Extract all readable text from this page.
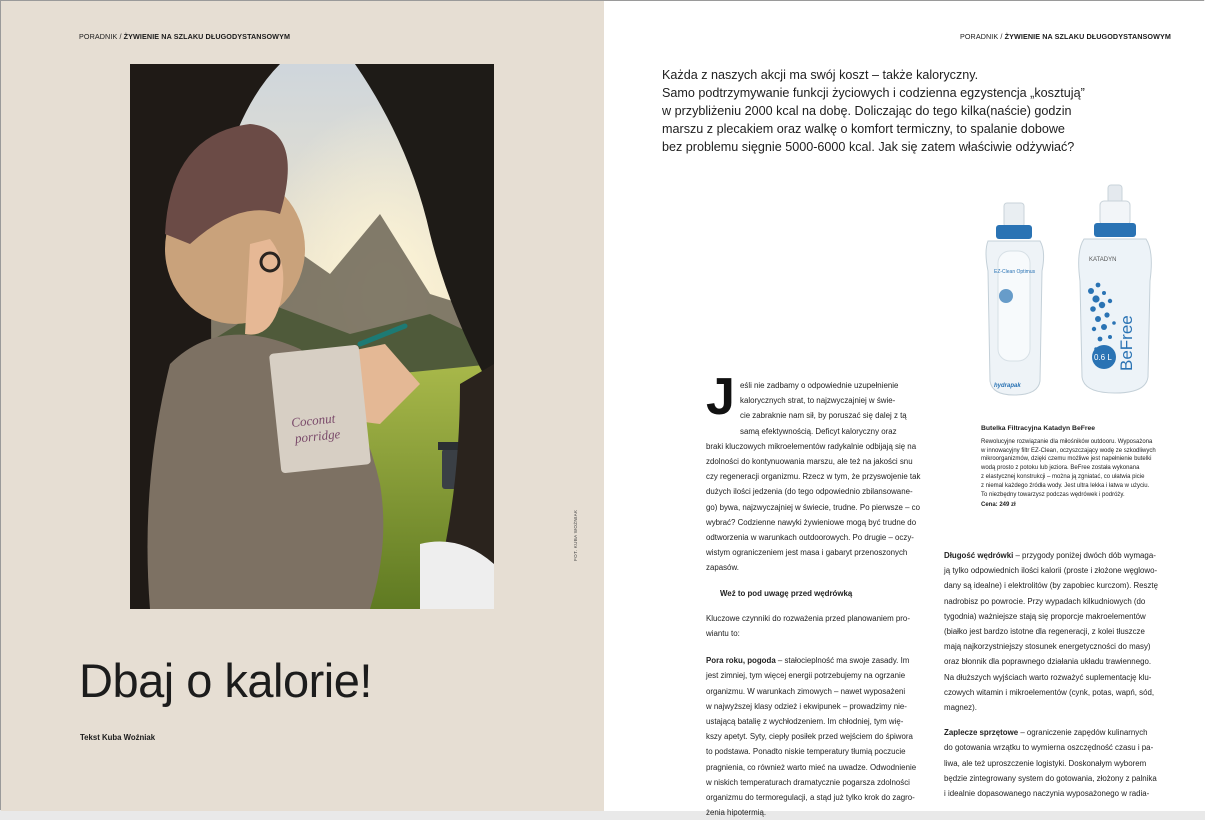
PORADNIK / ŻYWIENIE NA SZLAKU DŁUGODYSTANSOWYM
Coconut
porridge
FOT. KUBA WOŹNIAK
Dbaj o kalorie!
Tekst Kuba Woźniak
PORADNIK / ŻYWIENIE NA SZLAKU DŁUGODYSTANSOWYM

Każda z naszych akcji ma swój koszt – także kaloryczny.

Samo podtrzymywanie funkcji życiowych i codzienna egzystencja „kosztują”

w przybliżeniu 2000 kcal na dobę. Doliczając do tego kilka(naście) godzin

marszu z plecakiem oraz walkę o komfort termiczny, to spalanie dobowe

bez problemu sięgnie 5000-6000 kcal. Jak się zatem właściwie odżywiać?

EZ-Clean Optimus
hydrapak
KATADYN
0.6 L BeFree

Butelka Filtracyjna Katadyn BeFree

Rewolucyjne rozwiązanie dla miłośników outdooru. Wyposażona

w innowacyjny filtr EZ-Clean, oczyszczający wodę ze szkodliwych

mikroorganizmów, dzięki czemu możliwe jest napełnienie butelki

wodą prosto z potoku lub jeziora. BeFree została wykonana

z elastycznej konstrukcji – można ją zgniatać, co ułatwia picie

z niemal każdego źródła wody. Jest ultra lekka i łatwa w użyciu.

To niezbędny towarzysz podczas wędrówek i podróży.

Cena: 249 zł

J eśli nie zadbamy o odpowiednie uzupełnienie

kalorycznych strat, to najzwyczajniej w świe-

cie zabraknie nam sił, by poruszać się dalej z tą

samą efektywnością. Deficyt kaloryczny oraz

braki kluczowych mikroelementów radykalnie odbijają się na

zdolności do kontynuowania marszu, ale też na jakości snu

czy regeneracji organizmu. Rzecz w tym, że przyswojenie tak

dużych ilości jedzenia (do tego odpowiednio zbilansowane-

go) bywa, najzwyczajniej w świecie, trudne. Po pierwsze – co

wybrać? Codzienne nawyki żywieniowe mogą być trudne do

odtworzenia w warunkach outdoorowych. Po drugie – oczy-

wistym ograniczeniem jest masa i gabaryt przenoszonych

zapasów.

Weź to pod uwagę przed wędrówką

Kluczowe czynniki do rozważenia przed planowaniem pro-

wiantu to:

Pora roku, pogoda – stałocieplność ma swoje zasady. Im

jest zimniej, tym więcej energii potrzebujemy na ogrzanie

organizmu. W warunkach zimowych – nawet wyposażeni

w najwyższej klasy odzież i ekwipunek – prowadzimy nie-

ustającą batalię z wychłodzeniem. Im chłodniej, tym wię-

kszy apetyt. Syty, ciepły posiłek przed wejściem do śpiwora

to podstawa. Ponadto niskie temperatury tłumią poczucie

pragnienia, co również warto mieć na uwadze. Odwodnienie

w niskich temperaturach dramatycznie pogarsza zdolności

organizmu do termoregulacji, a stąd już tylko krok do zagro-

żenia hipotermią.

Długość wędrówki – przygody poniżej dwóch dób wymaga-

ją tylko odpowiednich ilości kalorii (proste i złożone węglowo-

dany są idealne) i elektrolitów (by zapobiec kurczom). Resztę

nadrobisz po powrocie. Przy wypadach kilkudniowych (do

tygodnia) ważniejsze stają się proporcje makroelementów

(białko jest bardzo istotne dla regeneracji, z kolei tłuszcze

mają najkorzystniejszy stosunek energetyczności do masy)

oraz błonnik dla poprawnego działania układu trawiennego.

Na dłuższych wyjściach warto rozważyć suplementację klu-

czowych witamin i mikroelementów (cynk, potas, wapń, sód,

magnez).

Zaplecze sprzętowe – ograniczenie zapędów kulinarnych

do gotowania wrzątku to wymierna oszczędność czasu i pa-

liwa, ale też uproszczenie logistyki. Doskonałym wyborem

będzie zintegrowany system do gotowania, złożony z palnika

i idealnie dopasowanego naczynia wyposażonego w radia-
